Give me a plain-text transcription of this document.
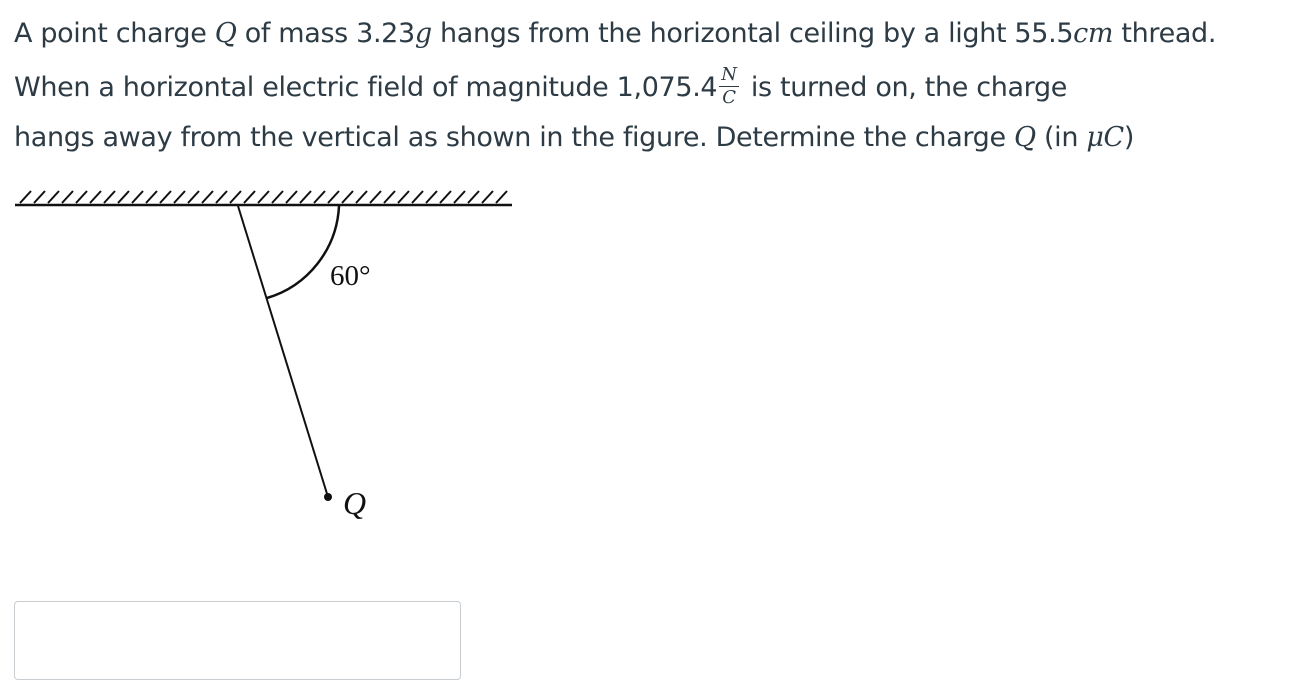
A point charge Q of mass 3.23g hangs from the horizontal ceiling by a light 55.5cm thread.
When a horizontal electric field of magnitude $1,075.4 \frac{N}{C}$ is turned on, the charge
hangs away from the vertical as shown in the figure. Determine the charge Q (in μC)
60°
Q
